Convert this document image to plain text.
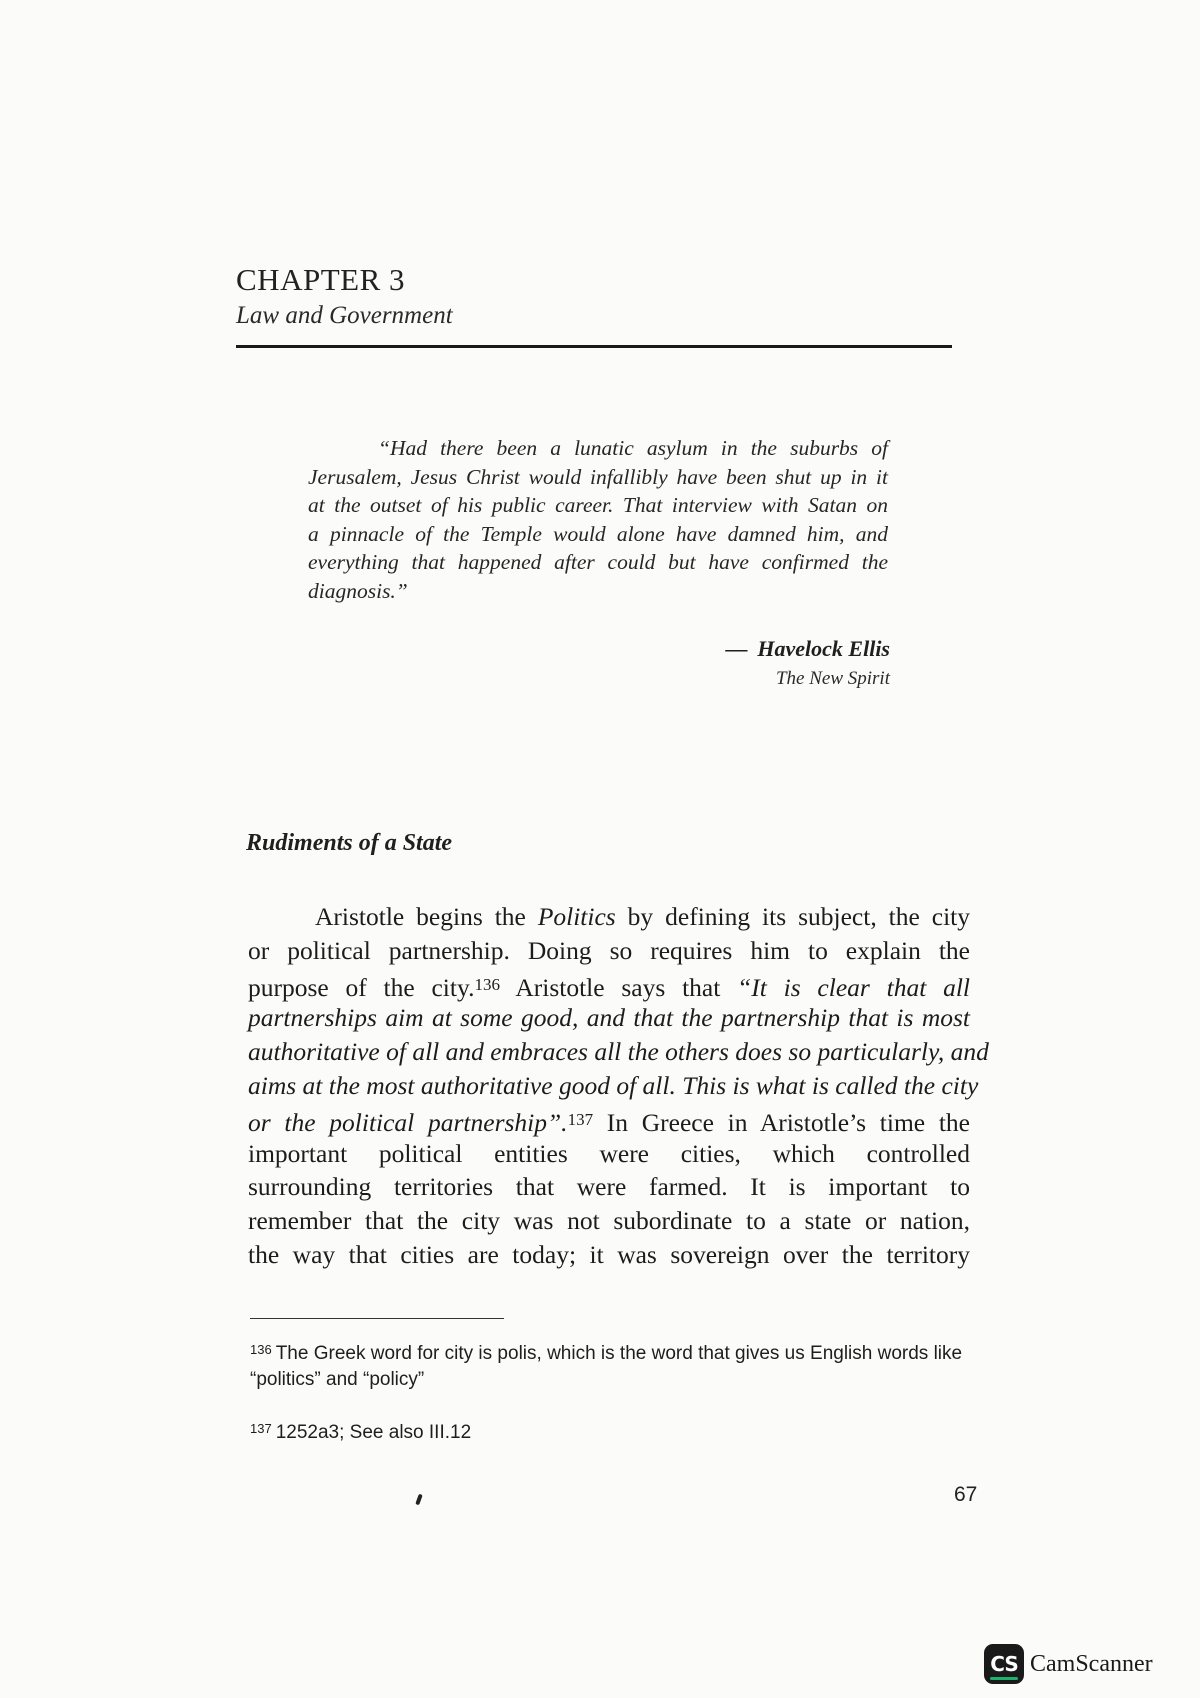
CHAPTER 3
Law and Government
“Had there been a lunatic asylum in the suburbs of
Jerusalem, Jesus Christ would infallibly have been shut up in it
at the outset of his public career. That interview with Satan on
a pinnacle of the Temple would alone have damned him, and
everything that happened after could but have confirmed the
diagnosis.”
— Havelock Ellis
The New Spirit
Rudiments of a State
Aristotle begins the Politics by defining its subject, the city
or political partnership. Doing so requires him to explain the
purpose of the city.$^{136}$ Aristotle says that “It is clear that all
partnerships aim at some good, and that the partnership that is most
authoritative of all and embraces all the others does so particularly, and
aims at the most authoritative good of all. This is what is called the city
or the political partnership”.$^{137}$ In Greece in Aristotle’s time the
important political entities were cities, which controlled
surrounding territories that were farmed. It is important to
remember that the city was not subordinate to a state or nation,
the way that cities are today; it was sovereign over the territory
$^{136}$ The Greek word for city is polis, which is the word that gives us English words like “politics” and “policy”
$^{137}$ 1252a3; See also III.12
67
CS CamScanner
